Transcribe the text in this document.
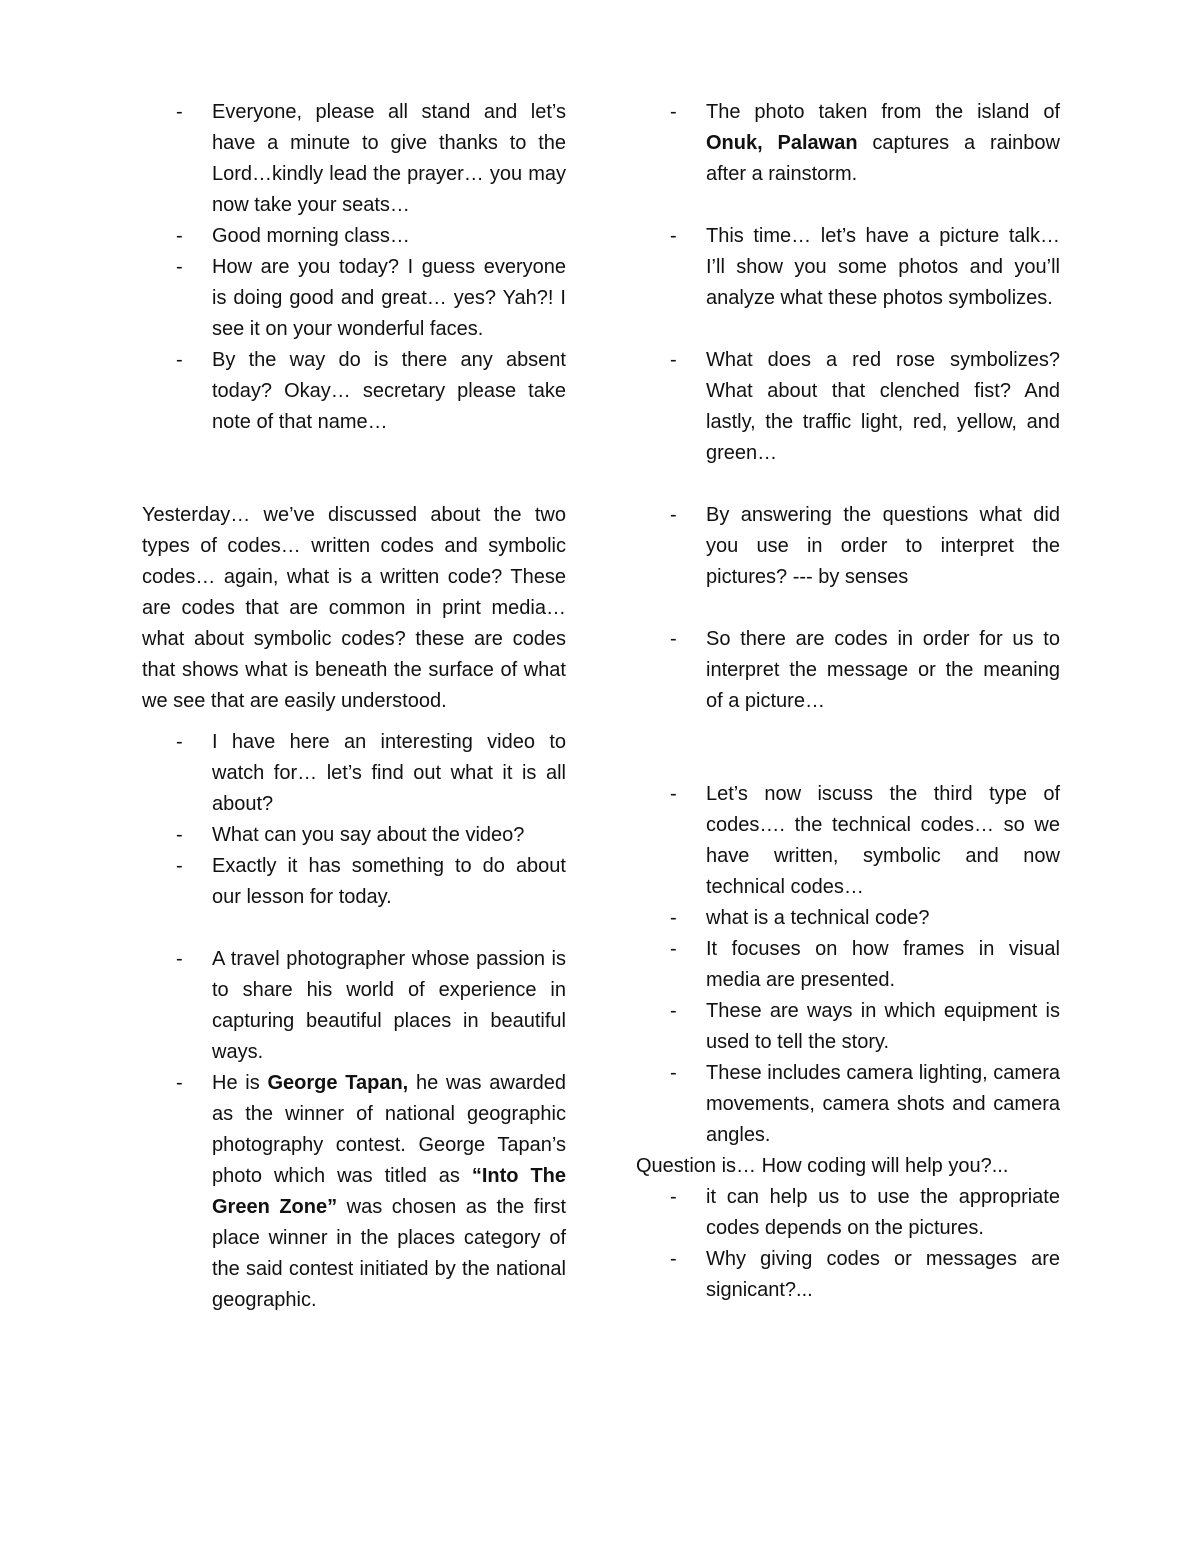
- Everyone, please all stand and let’s have a minute to give thanks to the Lord…kindly lead the prayer… you may now take your seats…
- Good morning class…
- How are you today? I guess everyone is doing good and great… yes? Yah?! I see it on your wonderful faces.
- By the way do is there any absent today? Okay… secretary please take note of that name…
Yesterday… we’ve discussed about the two types of codes… written codes and symbolic codes… again, what is a written code? These are codes that are common in print media… what about symbolic codes? these are codes that shows what is beneath the surface of what we see that are easily understood.
- I have here an interesting video to watch for… let’s find out what it is all about?
- What can you say about the video?
- Exactly it has something to do about our lesson for today.
- A travel photographer whose passion is to share his world of experience in capturing beautiful places in beautiful ways.
- He is George Tapan, he was awarded as the winner of national geographic photography contest. George Tapan’s photo which was titled as “Into The Green Zone” was chosen as the first place winner in the places category of the said contest initiated by the national geographic.
- The photo taken from the island of Onuk, Palawan captures a rainbow after a rainstorm.
- This time… let’s have a picture talk… I’ll show you some photos and you’ll analyze what these photos symbolizes.
- What does a red rose symbolizes? What about that clenched fist? And lastly, the traffic light, red, yellow, and green…
- By answering the questions what did you use in order to interpret the pictures? --- by senses
- So there are codes in order for us to interpret the message or the meaning of a picture…
- Let’s now iscuss the third type of codes…. the technical codes… so we have written, symbolic and now technical codes…
- what is a technical code?
- It focuses on how frames in visual media are presented.
- These are ways in which equipment is used to tell the story.
- These includes camera lighting, camera movements, camera shots and camera angles.
Question is… How coding will help you?...
- it can help us to use the appropriate codes depends on the pictures.
- Why giving codes or messages are signicant?...
